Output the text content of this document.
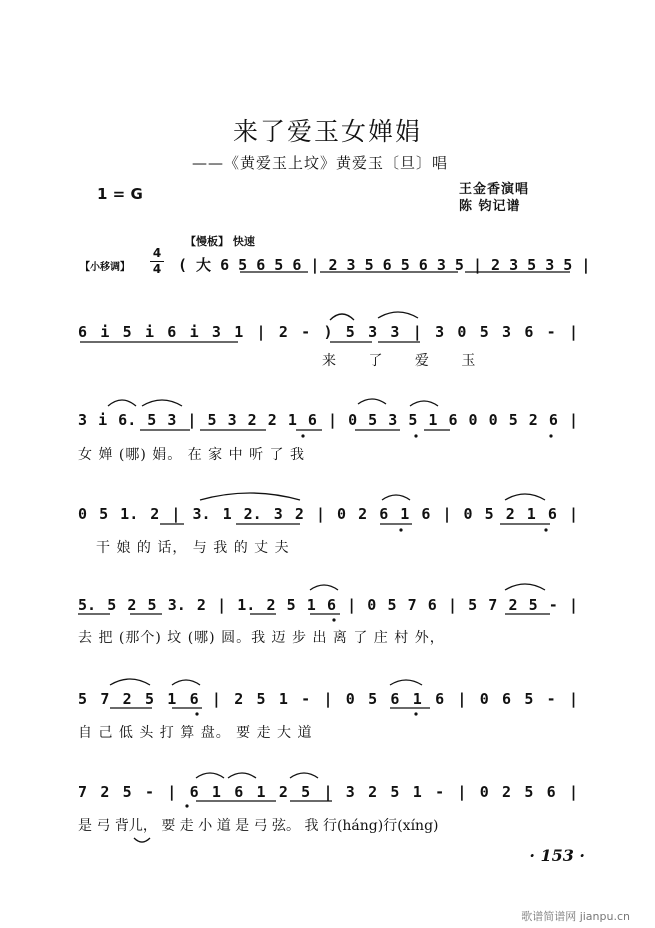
来了爱玉女婵娟
——《黄爱玉上坟》黄爱玉〔旦〕唱
1 = G	王金香演唱
陈 钧记谱
【慢板】 快速
【小移调】
4
4 ( 大 6 5 6 5 6 | 2 3 5 6 5 6 3 5 | 2 3 5 3 5 |
6 i 5 i 6 i 3 1 | 2 - ) 5 3 3 | 3 0 5 3 6 - |
来 了 爱 玉
3 i 6. 5 3 | 5 3 2 2 1 6 | 0 5 3 5 1 6 0 0 5 2 6 |
女 婵 (哪) 娟。 在 家 中 听 了 我
0 5 1. 2 | 3. 1 2. 3 2 | 0 2 6 1 6 | 0 5 2 1 6 |
干 娘 的 话， 与 我 的 丈 夫
5. 5 2 5 3. 2 | 1. 2 5 1 6 | 0 5 7 6 | 5 7 2 5 - |
去 把 (那个) 坟 (哪) 圆。我 迈 步 出 离 了 庄 村 外，
5 7 2 5 1 6 | 2 5 1 - | 0 5 6 1 6 | 0 6 5 - |
自 己 低 头 打 算 盘。 要 走 大 道
7 2 5 - | 6 1 6 1 2 5 | 3 2 5 1 - | 0 2 5 6 |
是 弓 背儿， 要 走 小 道 是 弓 弦。 我 行(háng)行(xíng)
· 153 ·
歌谱简谱网 jianpu.cn
